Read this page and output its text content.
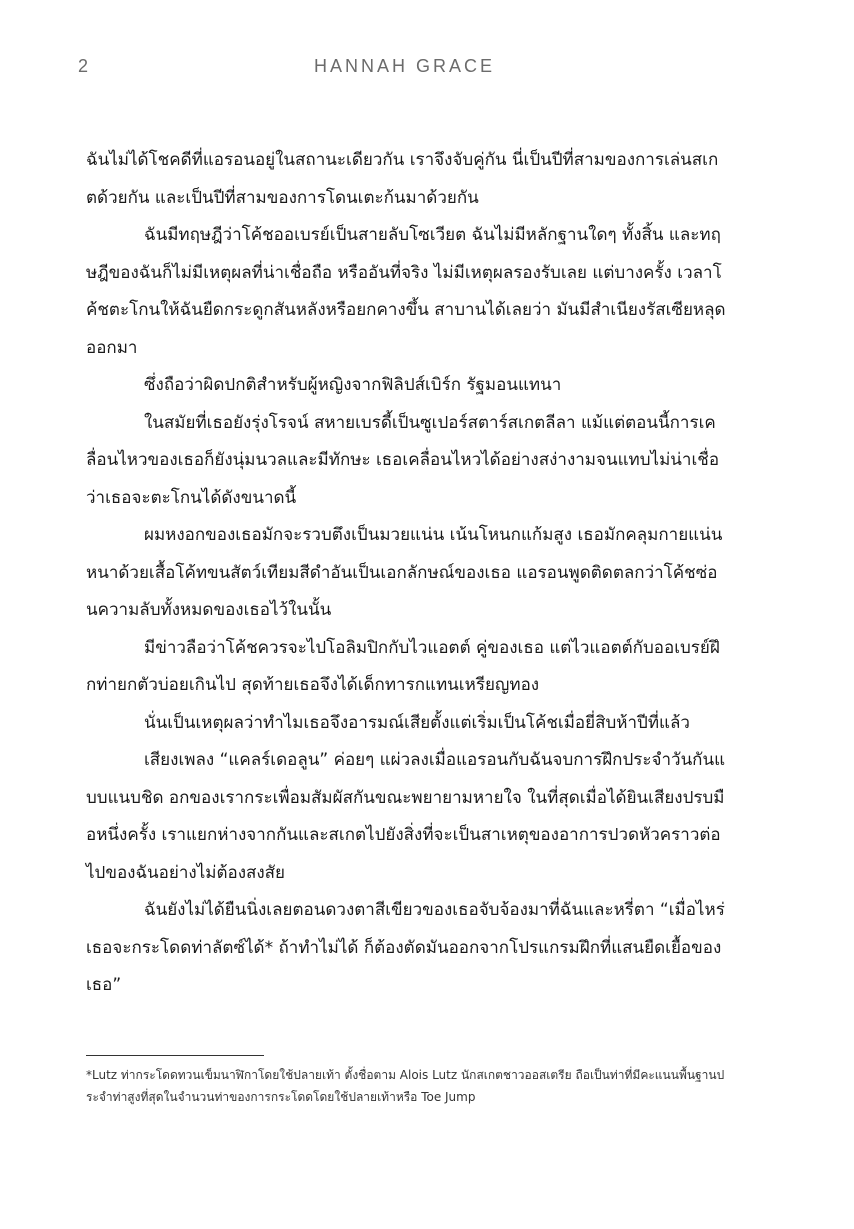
2	HANNAH GRACE

ฉันไม่ได้โชคดีที่แอรอนอยู่ในสถานะเดียวกัน เราจึงจับคู่กัน นี่เป็นปีที่สามของการเล่นสเกตด้วยกัน และเป็นปีที่สามของการโดนเตะก้นมาด้วยกัน

ฉันมีทฤษฎีว่าโค้ชออเบรย์เป็นสายลับโซเวียต ฉันไม่มีหลักฐานใดๆ ทั้งสิ้น และทฤษฎีของฉันก็ไม่มีเหตุผลที่น่าเชื่อถือ หรืออันที่จริง ไม่มีเหตุผลรองรับเลย แต่บางครั้ง เวลาโค้ชตะโกนให้ฉันยืดกระดูกสันหลังหรือยกคางขึ้น สาบานได้เลยว่า มันมีสำเนียงรัสเซียหลุดออกมา

ซึ่งถือว่าผิดปกติสำหรับผู้หญิงจากฟิลิปส์เบิร์ก รัฐมอนแทนา

ในสมัยที่เธอยังรุ่งโรจน์ สหายเบรดี้เป็นซูเปอร์สตาร์สเกตลีลา แม้แต่ตอนนี้การเคลื่อนไหวของเธอก็ยังนุ่มนวลและมีทักษะ เธอเคลื่อนไหวได้อย่างสง่างามจนแทบไม่น่าเชื่อว่าเธอจะตะโกนได้ดังขนาดนี้

ผมหงอกของเธอมักจะรวบตึงเป็นมวยแน่น เน้นโหนกแก้มสูง เธอมักคลุมกายแน่นหนาด้วยเสื้อโค้ทขนสัตว์เทียมสีดำอันเป็นเอกลักษณ์ของเธอ แอรอนพูดติดตลกว่าโค้ชซ่อนความลับทั้งหมดของเธอไว้ในนั้น

มีข่าวลือว่าโค้ชควรจะไปโอลิมปิกกับไวแอตต์ คู่ของเธอ แต่ไวแอตต์กับออเบรย์ฝึกท่ายกตัวบ่อยเกินไป สุดท้ายเธอจึงได้เด็กทารกแทนเหรียญทอง

นั่นเป็นเหตุผลว่าทำไมเธอจึงอารมณ์เสียตั้งแต่เริ่มเป็นโค้ชเมื่อยี่สิบห้าปีที่แล้ว

เสียงเพลง “แคลร์เดอลูน” ค่อยๆ แผ่วลงเมื่อแอรอนกับฉันจบการฝึกประจำวันกันแบบแนบชิด อกของเรากระเพื่อมสัมผัสกันขณะพยายามหายใจ ในที่สุดเมื่อได้ยินเสียงปรบมือหนึ่งครั้ง เราแยกห่างจากกันและสเกตไปยังสิ่งที่จะเป็นสาเหตุของอาการปวดหัวคราวต่อไปของฉันอย่างไม่ต้องสงสัย

ฉันยังไม่ได้ยืนนิ่งเลยตอนดวงตาสีเขียวของเธอจับจ้องมาที่ฉันและหรี่ตา “เมื่อไหร่เธอจะกระโดดท่าลัตซ์ได้* ถ้าทำไม่ได้ ก็ต้องตัดมันออกจากโปรแกรมฝึกที่แสนยืดเยื้อของเธอ”

*Lutz ท่ากระโดดทวนเข็มนาฬิกาโดยใช้ปลายเท้า ตั้งชื่อตาม Alois Lutz นักสเกตชาวออสเตรีย ถือเป็นท่าที่มีคะแนนพื้นฐานประจำท่าสูงที่สุดในจำนวนท่าของการกระโดดโดยใช้ปลายเท้าหรือ Toe Jump
